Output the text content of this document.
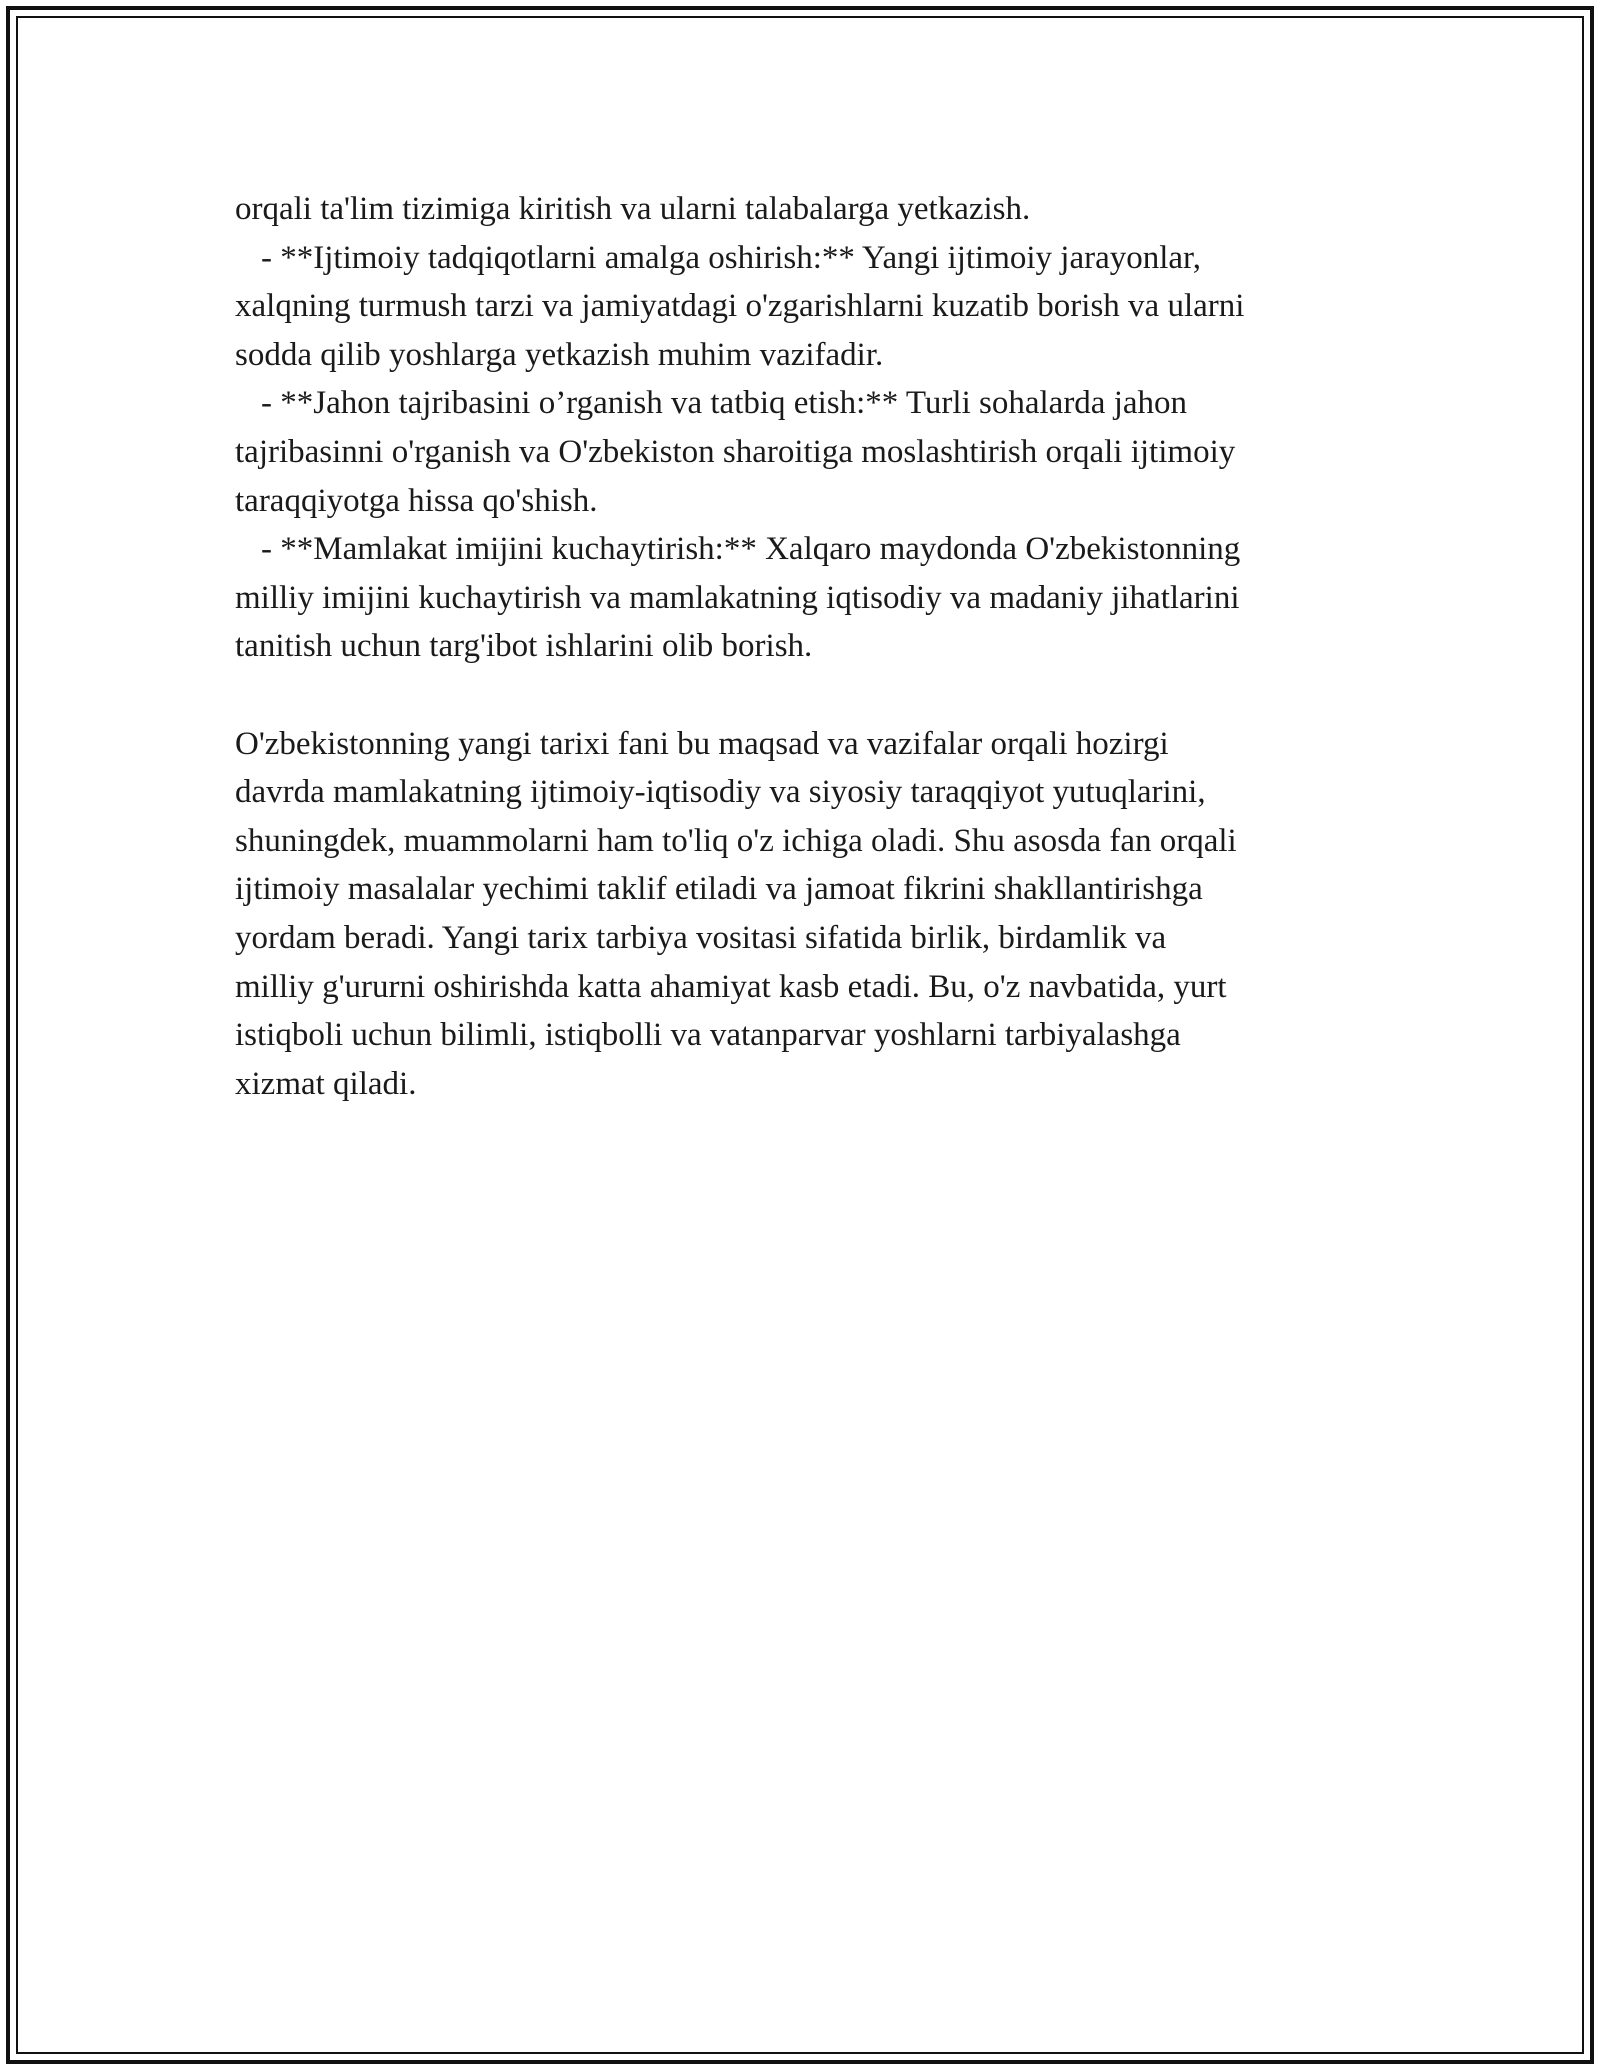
orqali ta'lim tizimiga kiritish va ularni talabalarga yetkazish.
- **Ijtimoiy tadqiqotlarni amalga oshirish:** Yangi ijtimoiy jarayonlar,
xalqning turmush tarzi va jamiyatdagi o'zgarishlarni kuzatib borish va ularni
sodda qilib yoshlarga yetkazish muhim vazifadir.
- **Jahon tajribasini o’rganish va tatbiq etish:** Turli sohalarda jahon
tajribasinni o'rganish va O'zbekiston sharoitiga moslashtirish orqali ijtimoiy
taraqqiyotga hissa qo'shish.
- **Mamlakat imijini kuchaytirish:** Xalqaro maydonda O'zbekistonning
milliy imijini kuchaytirish va mamlakatning iqtisodiy va madaniy jihatlarini
tanitish uchun targ'ibot ishlarini olib borish.
O'zbekistonning yangi tarixi fani bu maqsad va vazifalar orqali hozirgi
davrda mamlakatning ijtimoiy-iqtisodiy va siyosiy taraqqiyot yutuqlarini,
shuningdek, muammolarni ham to'liq o'z ichiga oladi. Shu asosda fan orqali
ijtimoiy masalalar yechimi taklif etiladi va jamoat fikrini shakllantirishga
yordam beradi. Yangi tarix tarbiya vositasi sifatida birlik, birdamlik va
milliy g'ururni oshirishda katta ahamiyat kasb etadi. Bu, o'z navbatida, yurt
istiqboli uchun bilimli, istiqbolli va vatanparvar yoshlarni tarbiyalashga
xizmat qiladi.
